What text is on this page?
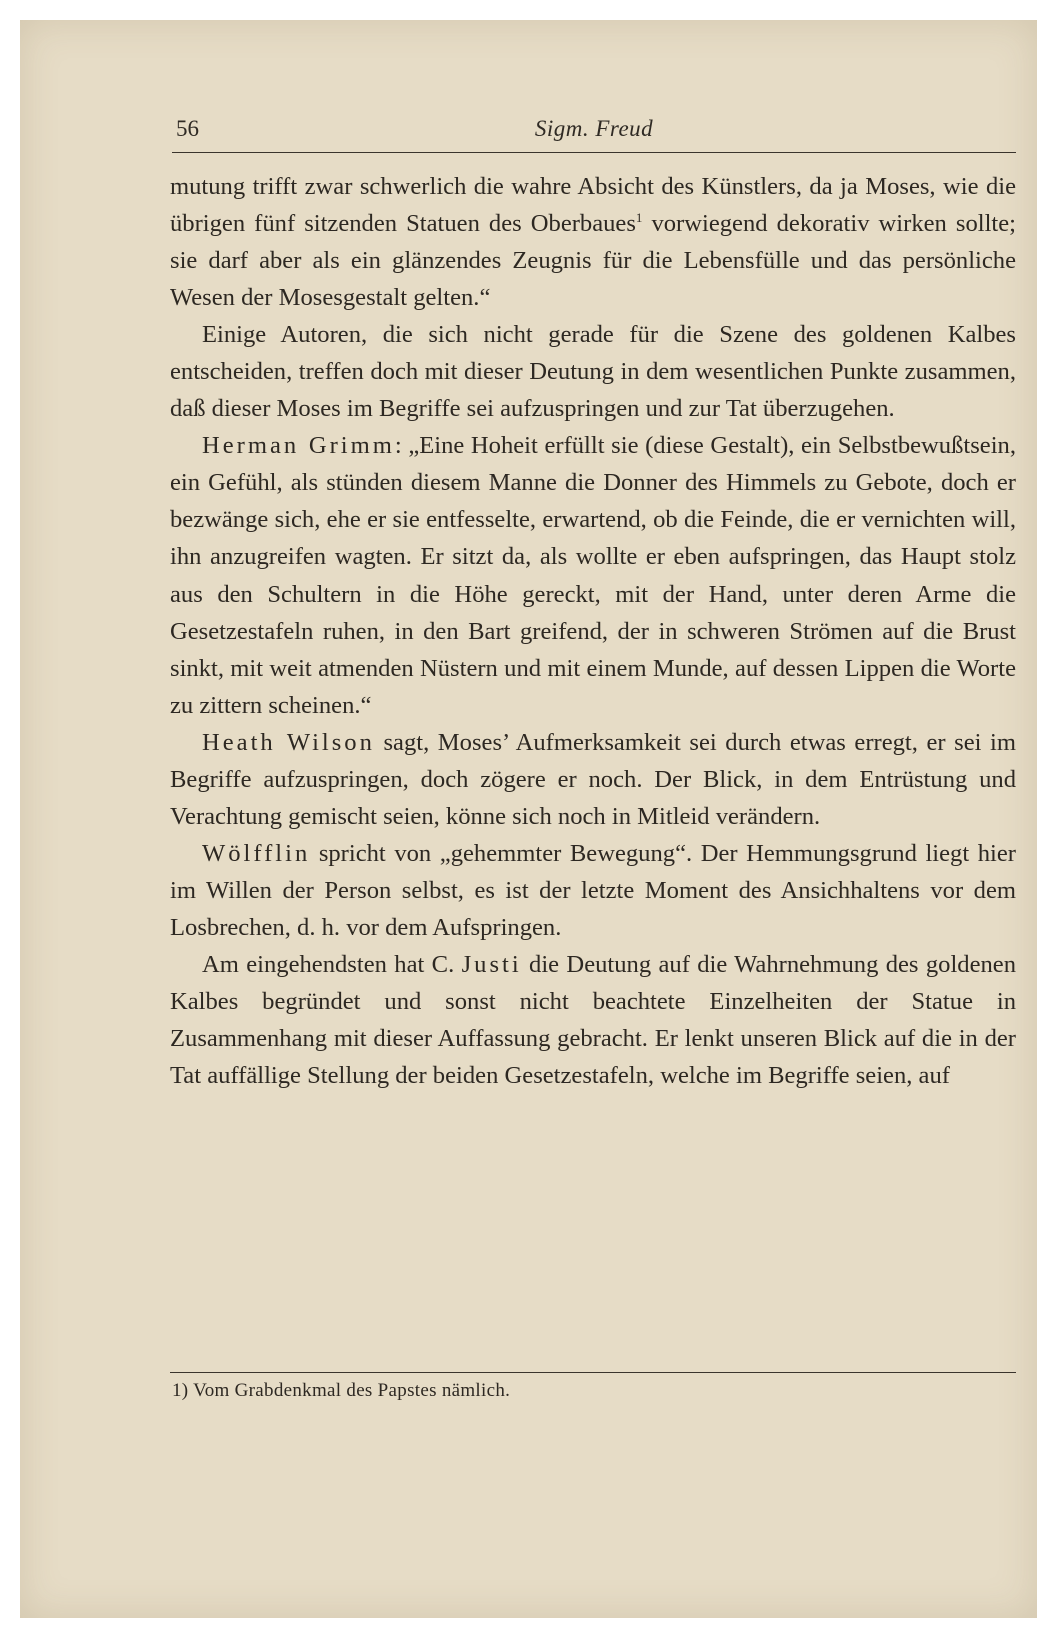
56	Sigm. Freud

mutung trifft zwar schwerlich die wahre Absicht des Künstlers, da ja Moses, wie die übrigen fünf sitzenden Statuen des Oberbaues$^1$ vorwiegend dekorativ wirken sollte; sie darf aber als ein glänzendes Zeugnis für die Lebensfülle und das persönliche Wesen der Mosesgestalt gelten.“

Einige Autoren, die sich nicht gerade für die Szene des goldenen Kalbes entscheiden, treffen doch mit dieser Deutung in dem wesentlichen Punkte zusammen, daß dieser Moses im Begriffe sei aufzuspringen und zur Tat überzugehen.

Herman Grimm: „Eine Hoheit erfüllt sie (diese Gestalt), ein Selbstbewußtsein, ein Gefühl, als stünden diesem Manne die Donner des Himmels zu Gebote, doch er bezwänge sich, ehe er sie entfesselte, erwartend, ob die Feinde, die er vernichten will, ihn anzugreifen wagten. Er sitzt da, als wollte er eben aufspringen, das Haupt stolz aus den Schultern in die Höhe gereckt, mit der Hand, unter deren Arme die Gesetzestafeln ruhen, in den Bart greifend, der in schweren Strömen auf die Brust sinkt, mit weit atmenden Nüstern und mit einem Munde, auf dessen Lippen die Worte zu zittern scheinen.“

Heath Wilson sagt, Moses’ Aufmerksamkeit sei durch etwas erregt, er sei im Begriffe aufzuspringen, doch zögere er noch. Der Blick, in dem Entrüstung und Verachtung gemischt seien, könne sich noch in Mitleid verändern.

Wölfflin spricht von „gehemmter Bewegung“. Der Hemmungsgrund liegt hier im Willen der Person selbst, es ist der letzte Moment des Ansichhaltens vor dem Losbrechen, d. h. vor dem Aufspringen.

Am eingehendsten hat C. Justi die Deutung auf die Wahrnehmung des goldenen Kalbes begründet und sonst nicht beachtete Einzelheiten der Statue in Zusammenhang mit dieser Auffassung gebracht. Er lenkt unseren Blick auf die in der Tat auffällige Stellung der beiden Gesetzestafeln, welche im Begriffe seien, auf

1) Vom Grabdenkmal des Papstes nämlich.
